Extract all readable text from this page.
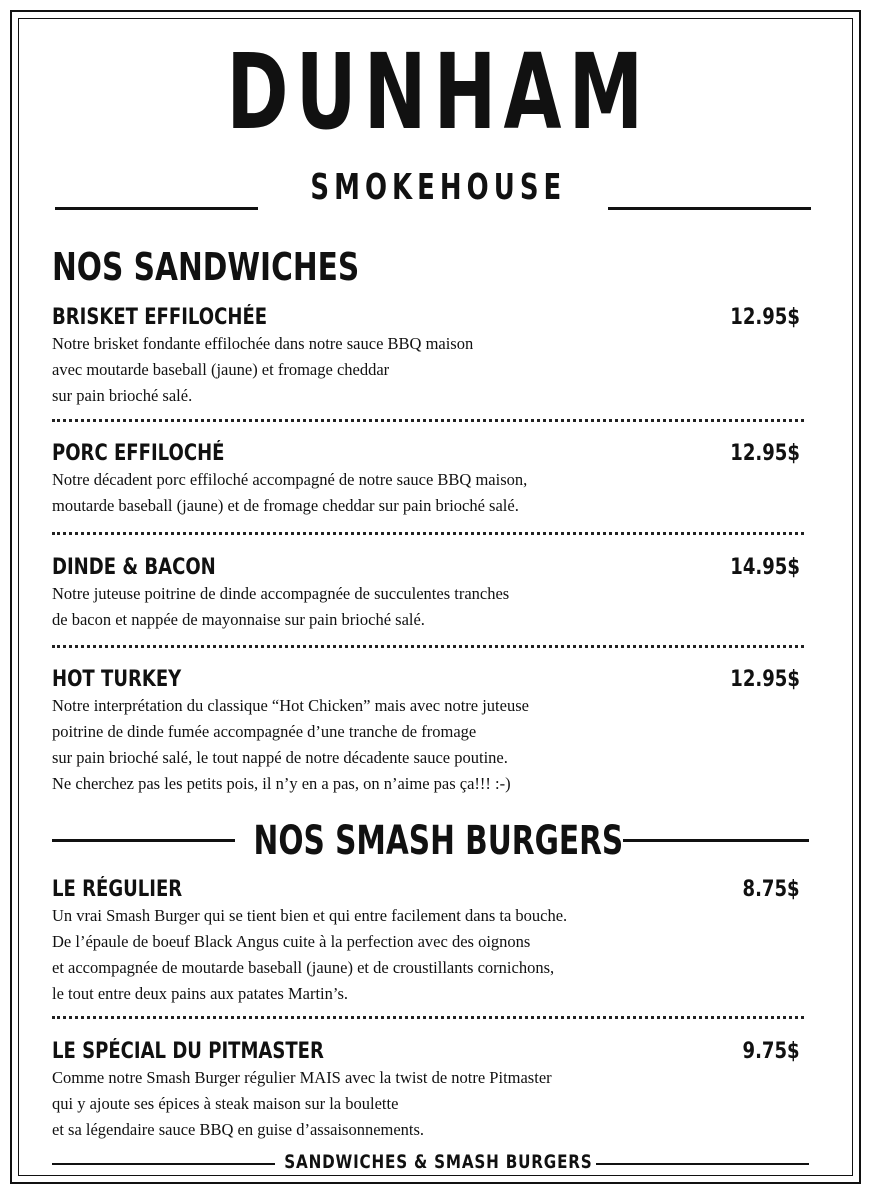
DUNHAM
SMOKEHOUSE
NOS SANDWICHES
BRISKET EFFILOCHÉE	12.95$
Notre brisket fondante effilochée dans notre sauce BBQ maison
avec moutarde baseball (jaune) et fromage cheddar
sur pain brioché salé.
PORC EFFILOCHÉ	12.95$
Notre décadent porc effiloché accompagné de notre sauce BBQ maison,
moutarde baseball (jaune) et de fromage cheddar sur pain brioché salé.
DINDE & BACON	14.95$
Notre juteuse poitrine de dinde accompagnée de succulentes tranches
de bacon et nappée de mayonnaise sur pain brioché salé.
HOT TURKEY	12.95$
Notre interprétation du classique “Hot Chicken” mais avec notre juteuse
poitrine de dinde fumée accompagnée d’une tranche de fromage
sur pain brioché salé, le tout nappé de notre décadente sauce poutine.
Ne cherchez pas les petits pois, il n’y en a pas, on n’aime pas ça!!! :-)
NOS SMASH BURGERS
LE RÉGULIER	8.75$
Un vrai Smash Burger qui se tient bien et qui entre facilement dans ta bouche.
De l’épaule de boeuf Black Angus cuite à la perfection avec des oignons
et accompagnée de moutarde baseball (jaune) et de croustillants cornichons,
le tout entre deux pains aux patates Martin’s.
LE SPÉCIAL DU PITMASTER	9.75$
Comme notre Smash Burger régulier MAIS avec la twist de notre Pitmaster
qui y ajoute ses épices à steak maison sur la boulette
et sa légendaire sauce BBQ en guise d’assaisonnements.
SANDWICHES & SMASH BURGERS
